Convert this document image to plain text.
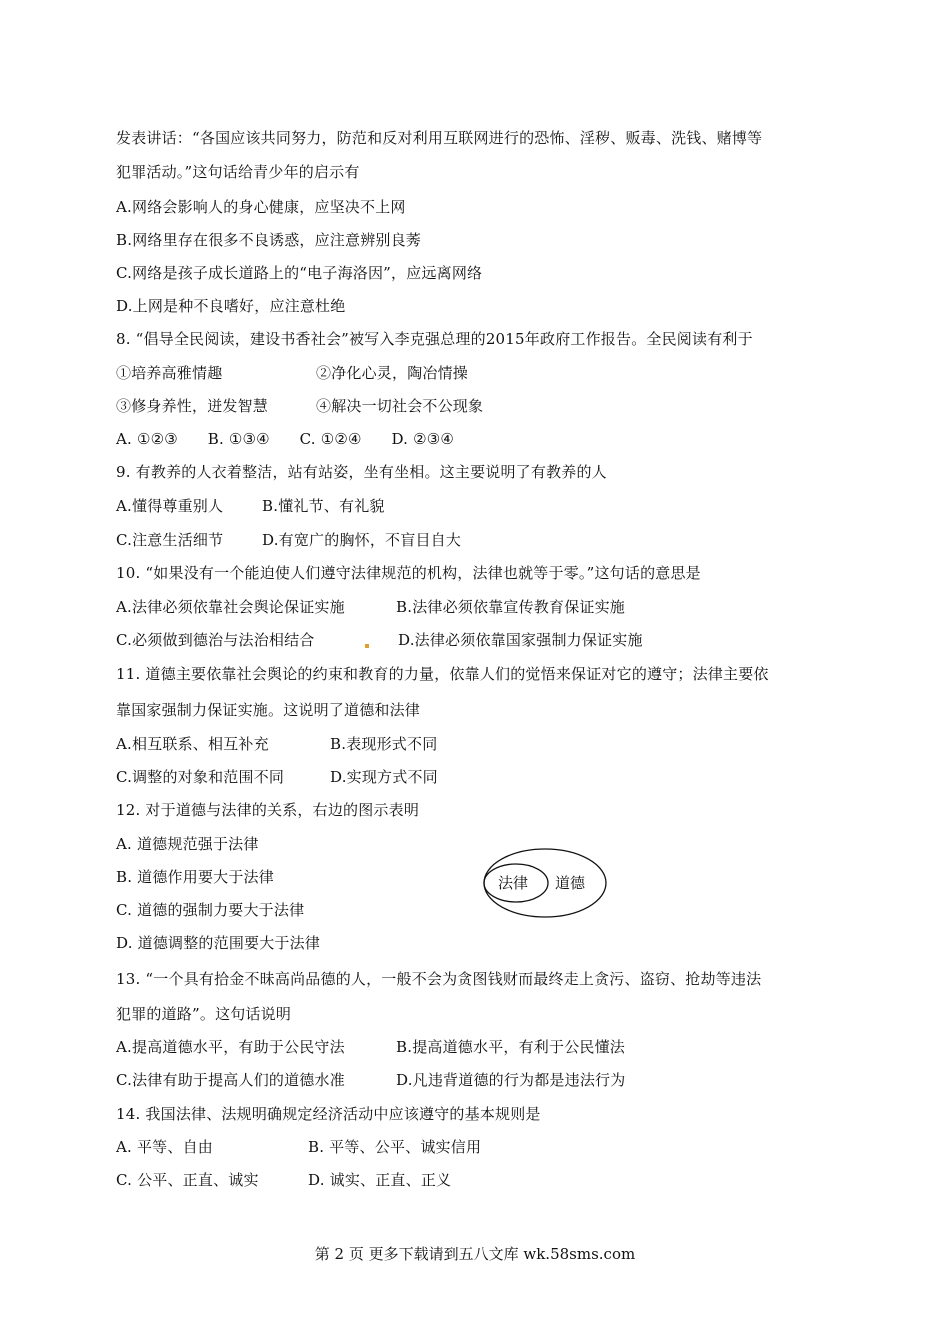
发表讲话：“各国应该共同努力，防范和反对利用互联网进行的恐怖、淫秽、贩毒、洗钱、赌博等
犯罪活动。”这句话给青少年的启示有
A.网络会影响人的身心健康，应坚决不上网
B.网络里存在很多不良诱惑，应注意辨别良莠
C.网络是孩子成长道路上的“电子海洛因”，应远离网络
D.上网是种不良嗜好，应注意杜绝
8. “倡导全民阅读，建设书香社会”被写入李克强总理的2015年政府工作报告。全民阅读有利于
①培养高雅情趣	②净化心灵，陶冶情操
③修身养性，迸发智慧	④解决一切社会不公现象
A. ①②③      B. ①③④      C. ①②④      D. ②③④
9. 有教养的人衣着整洁，站有站姿，坐有坐相。这主要说明了有教养的人
A.懂得尊重别人	B.懂礼节、有礼貌
C.注意生活细节	D.有宽广的胸怀，不盲目自大
10. “如果没有一个能迫使人们遵守法律规范的机构，法律也就等于零。”这句话的意思是
A.法律必须依靠社会舆论保证实施	B.法律必须依靠宣传教育保证实施
C.必须做到德治与法治相结合	D.法律必须依靠国家强制力保证实施
11. 道德主要依靠社会舆论的约束和教育的力量，依靠人们的觉悟来保证对它的遵守；法律主要依
靠国家强制力保证实施。这说明了道德和法律
A.相互联系、相互补充	B.表现形式不同
C.调整的对象和范围不同	D.实现方式不同
12. 对于道德与法律的关系，右边的图示表明
A. 道德规范强于法律
B. 道德作用要大于法律
C. 道德的强制力要大于法律
D. 道德调整的范围要大于法律
法律 道德
13. “一个具有拾金不昧高尚品德的人，一般不会为贪图钱财而最终走上贪污、盗窃、抢劫等违法
犯罪的道路”。这句话说明
A.提高道德水平，有助于公民守法	B.提高道德水平，有利于公民懂法
C.法律有助于提高人们的道德水准	D.凡违背道德的行为都是违法行为
14. 我国法律、法规明确规定经济活动中应该遵守的基本规则是
A. 平等、自由	B. 平等、公平、诚实信用
C. 公平、正直、诚实	D. 诚实、正直、正义
第 2 页 更多下载请到五八文库 wk.58sms.com
